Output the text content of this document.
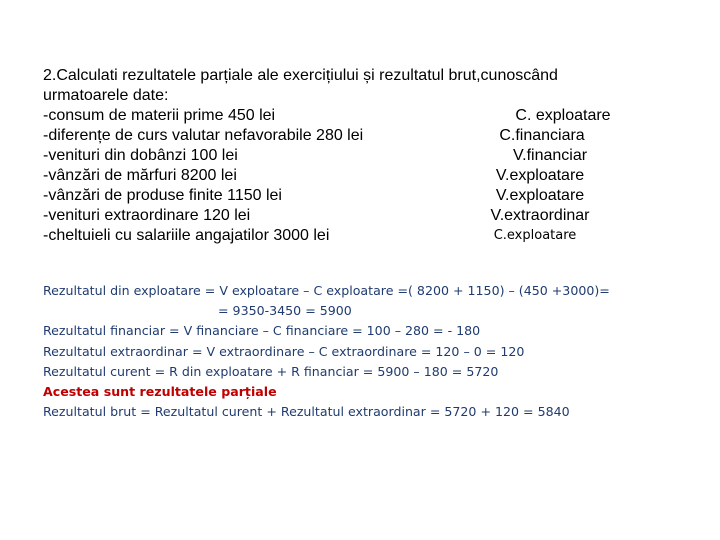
2.Calculati rezultatele parțiale ale exercițiului și rezultatul brut,cunoscând
urmatoarele date:
-consum de materii prime 450 lei	C. exploatare
-diferențe de curs valutar nefavorabile 280 lei	C.financiara
-venituri din dobânzi 100 lei	V.financiar
-vânzări de mărfuri 8200 lei	V.exploatare
-vânzări de produse finite 1150 lei	V.exploatare
-venituri extraordinare 120 lei	V.extraordinar
-cheltuieli cu salariile angajatilor 3000 lei	C.exploatare
Rezultatul din exploatare = V exploatare – C exploatare =( 8200 + 1150) – (450 +3000)=
= 9350-3450 = 5900
Rezultatul financiar = V financiare – C financiare = 100 – 280 = - 180
Rezultatul extraordinar = V extraordinare – C extraordinare = 120 – 0 = 120
Rezultatul curent = R din exploatare + R financiar = 5900 – 180 = 5720
Acestea sunt rezultatele parțiale
Rezultatul brut = Rezultatul curent + Rezultatul extraordinar = 5720 + 120 = 5840
